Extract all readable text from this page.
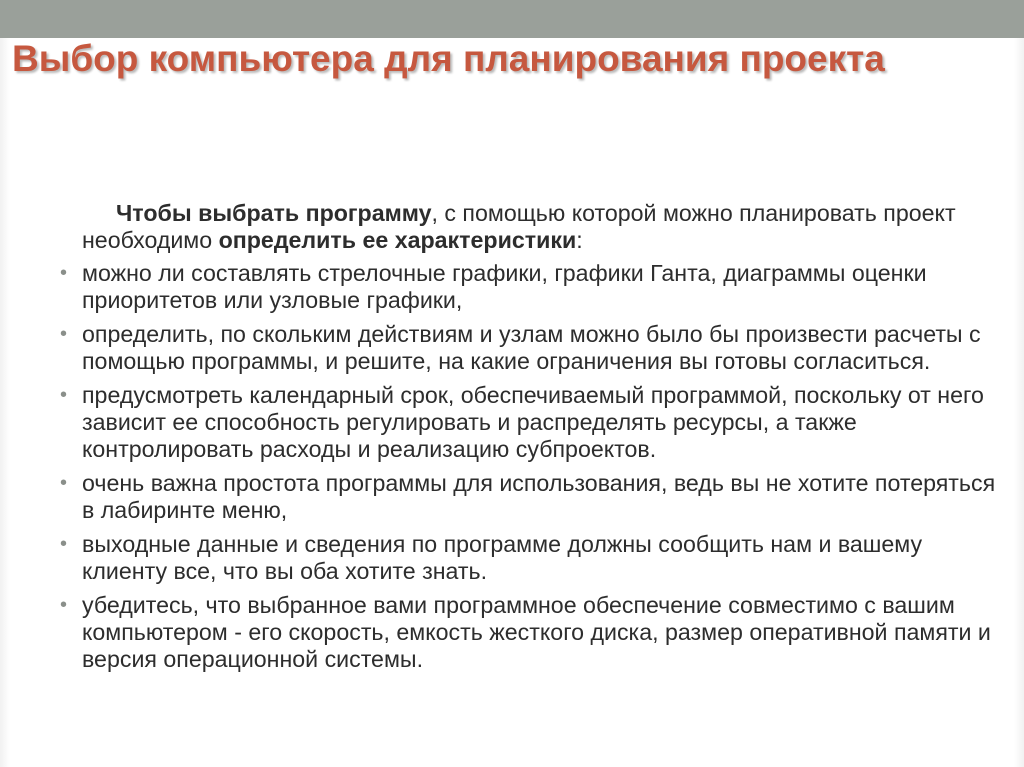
Выбор компьютера для планирования проекта

Чтобы выбрать программу, с помощью которой можно планировать проект необходимо определить ее характеристики:

• можно ли составлять стрелочные графики, графики Ганта, диаграммы оценки приоритетов или узловые графики,
• определить, по скольким действиям и узлам можно было бы произвести расчеты с помощью программы, и решите, на какие ограничения вы готовы согласиться.
• предусмотреть календарный срок, обеспечиваемый программой, поскольку от него зависит ее способность регулировать и распределять ресурсы, а также контролировать расходы и реализацию субпроектов.
• очень важна простота программы для использования, ведь вы не хотите потеряться в лабиринте меню,
• выходные данные и сведения по программе должны сообщить нам и вашему клиенту все, что вы оба хотите знать.
• убедитесь, что выбранное вами программное обеспечение совместимо с вашим компьютером - его скорость, емкость жесткого диска, размер оперативной памяти и версия операционной системы.
